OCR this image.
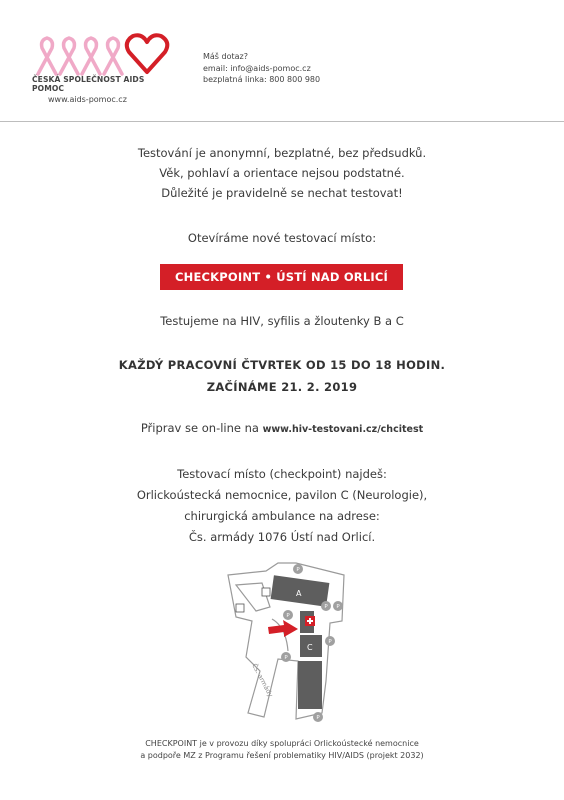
ČESKÁ SPOLEČNOST AIDS POMOC
www.aids-pomoc.cz
Máš dotaz?
email: info@aids-pomoc.cz
bezplatná linka: 800 800 980
Testování je anonymní, bezplatné, bez předsudků.
Věk, pohlaví a orientace nejsou podstatné.
Důležité je pravidelně se nechat testovat!
Otevíráme nové testovací místo:
CHECKPOINT • ÚSTÍ NAD ORLICÍ
Testujeme na HIV, syfilis a žloutenky B a C
KAŽDÝ PRACOVNÍ ČTVRTEK OD 15 DO 18 HODIN.
ZAČÍNÁME 21. 2. 2019
Připrav se on-line na www.hiv-testovani.cz/chcitest
Testovací místo (checkpoint) najdeš:
Orlickoústecká nemocnice, pavilon C (Neurologie),
chirurgická ambulance na adrese:
Čs. armády 1076 Ústí nad Orlicí.
A
C
P
P P
P
P
P
P
Čs. armády
CHECKPOINT je v provozu díky spolupráci Orlickoústecké nemocnice
a podpoře MZ z Programu řešení problematiky HIV/AIDS (projekt 2032)
